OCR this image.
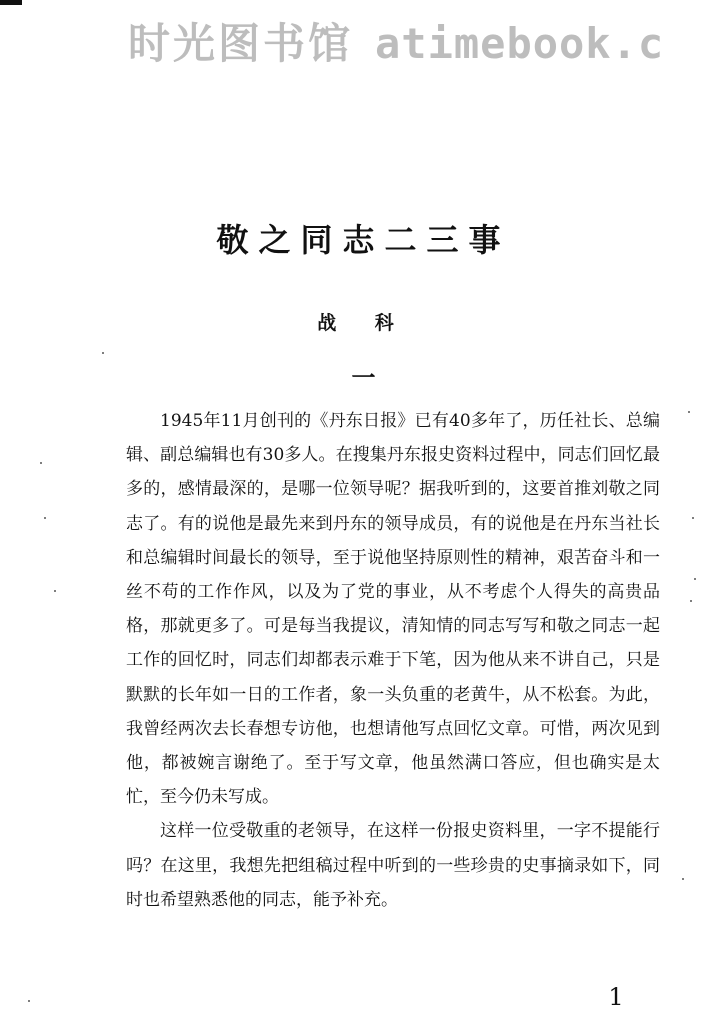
时光图书馆 atimebook.c
敬之同志二三事
战 科
一

1945年11月创刊的《丹东日报》已有40多年了，历任社长、总编辑、副总编辑也有30多人。在搜集丹东报史资料过程中，同志们回忆最多的，感情最深的，是哪一位领导呢？据我听到的，这要首推刘敬之同志了。有的说他是最先来到丹东的领导成员，有的说他是在丹东当社长和总编辑时间最长的领导，至于说他坚持原则性的精神，艰苦奋斗和一丝不苟的工作作风，以及为了党的事业，从不考虑个人得失的高贵品格，那就更多了。可是每当我提议，清知情的同志写写和敬之同志一起工作的回忆时，同志们却都表示难于下笔，因为他从来不讲自己，只是默默的长年如一日的工作者，象一头负重的老黄牛，从不松套。为此，我曾经两次去长春想专访他，也想请他写点回忆文章。可惜，两次见到他，都被婉言谢绝了。至于写文章，他虽然满口答应，但也确实是太忙，至今仍未写成。

这样一位受敬重的老领导，在这样一份报史资料里，一字不提能行吗？在这里，我想先把组稿过程中听到的一些珍贵的史事摘录如下，同时也希望熟悉他的同志，能予补充。

1
